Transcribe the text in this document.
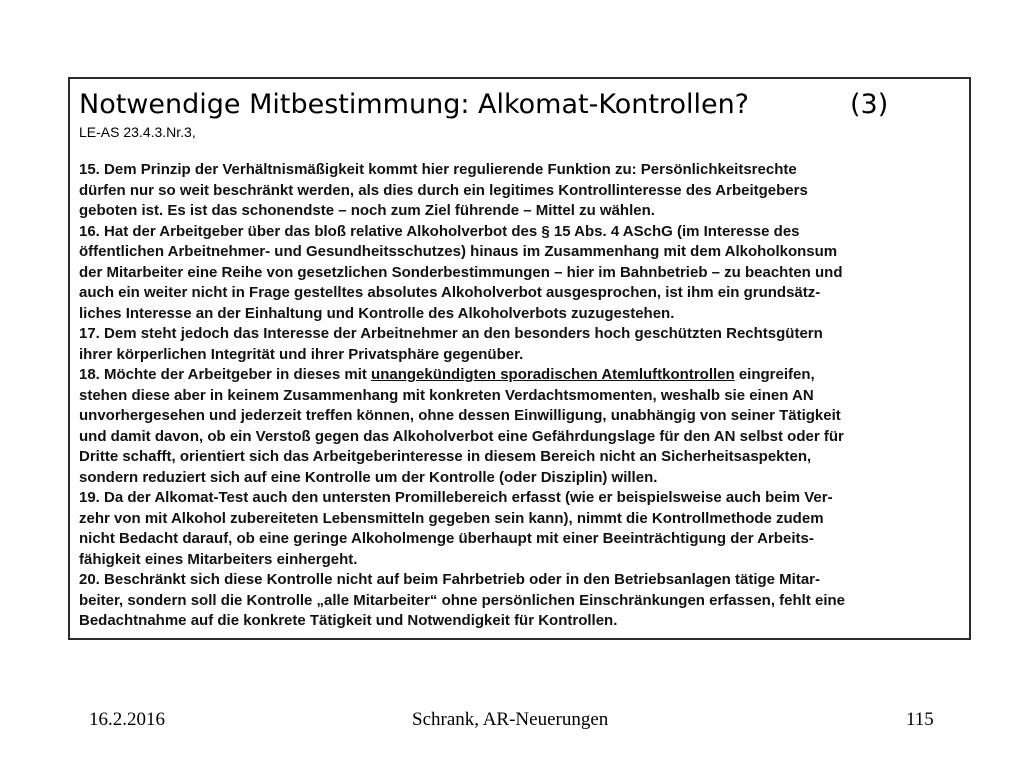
Notwendige Mitbestimmung: Alkomat-Kontrollen?	(3)
LE-AS 23.4.3.Nr.3,
15. Dem Prinzip der Verhältnismäßigkeit kommt hier regulierende Funktion zu: Persönlichkeitsrechte
dürfen nur so weit beschränkt werden, als dies durch ein legitimes Kontrollinteresse des Arbeitgebers
geboten ist. Es ist das schonendste – noch zum Ziel führende – Mittel zu wählen.
16. Hat der Arbeitgeber über das bloß relative Alkoholverbot des § 15 Abs. 4 ASchG (im Interesse des
öffentlichen Arbeitnehmer- und Gesundheitsschutzes) hinaus im Zusammenhang mit dem Alkoholkonsum
der Mitarbeiter eine Reihe von gesetzlichen Sonderbestimmungen – hier im Bahnbetrieb – zu beachten und
auch ein weiter nicht in Frage gestelltes absolutes Alkoholverbot ausgesprochen, ist ihm ein grundsätz-
liches Interesse an der Einhaltung und Kontrolle des Alkoholverbots zuzugestehen.
17. Dem steht jedoch das Interesse der Arbeitnehmer an den besonders hoch geschützten Rechtsgütern
ihrer körperlichen Integrität und ihrer Privatsphäre gegenüber.
18. Möchte der Arbeitgeber in dieses mit unangekündigten sporadischen Atemluftkontrollen eingreifen,
stehen diese aber in keinem Zusammenhang mit konkreten Verdachtsmomenten, weshalb sie einen AN
unvorhergesehen und jederzeit treffen können, ohne dessen Einwilligung, unabhängig von seiner Tätigkeit
und damit davon, ob ein Verstoß gegen das Alkoholverbot eine Gefährdungslage für den AN selbst oder für
Dritte schafft, orientiert sich das Arbeitgeberinteresse in diesem Bereich nicht an Sicherheitsaspekten,
sondern reduziert sich auf eine Kontrolle um der Kontrolle (oder Disziplin) willen.
19. Da der Alkomat-Test auch den untersten Promillebereich erfasst (wie er beispielsweise auch beim Ver-
zehr von mit Alkohol zubereiteten Lebensmitteln gegeben sein kann), nimmt die Kontrollmethode zudem
nicht Bedacht darauf, ob eine geringe Alkoholmenge überhaupt mit einer Beeinträchtigung der Arbeits-
fähigkeit eines Mitarbeiters einhergeht.
20. Beschränkt sich diese Kontrolle nicht auf beim Fahrbetrieb oder in den Betriebsanlagen tätige Mitar-
beiter, sondern soll die Kontrolle „alle Mitarbeiter“ ohne persönlichen Einschränkungen erfassen, fehlt eine
Bedachtnahme auf die konkrete Tätigkeit und Notwendigkeit für Kontrollen.
16.2.2016	Schrank, AR-Neuerungen	115
